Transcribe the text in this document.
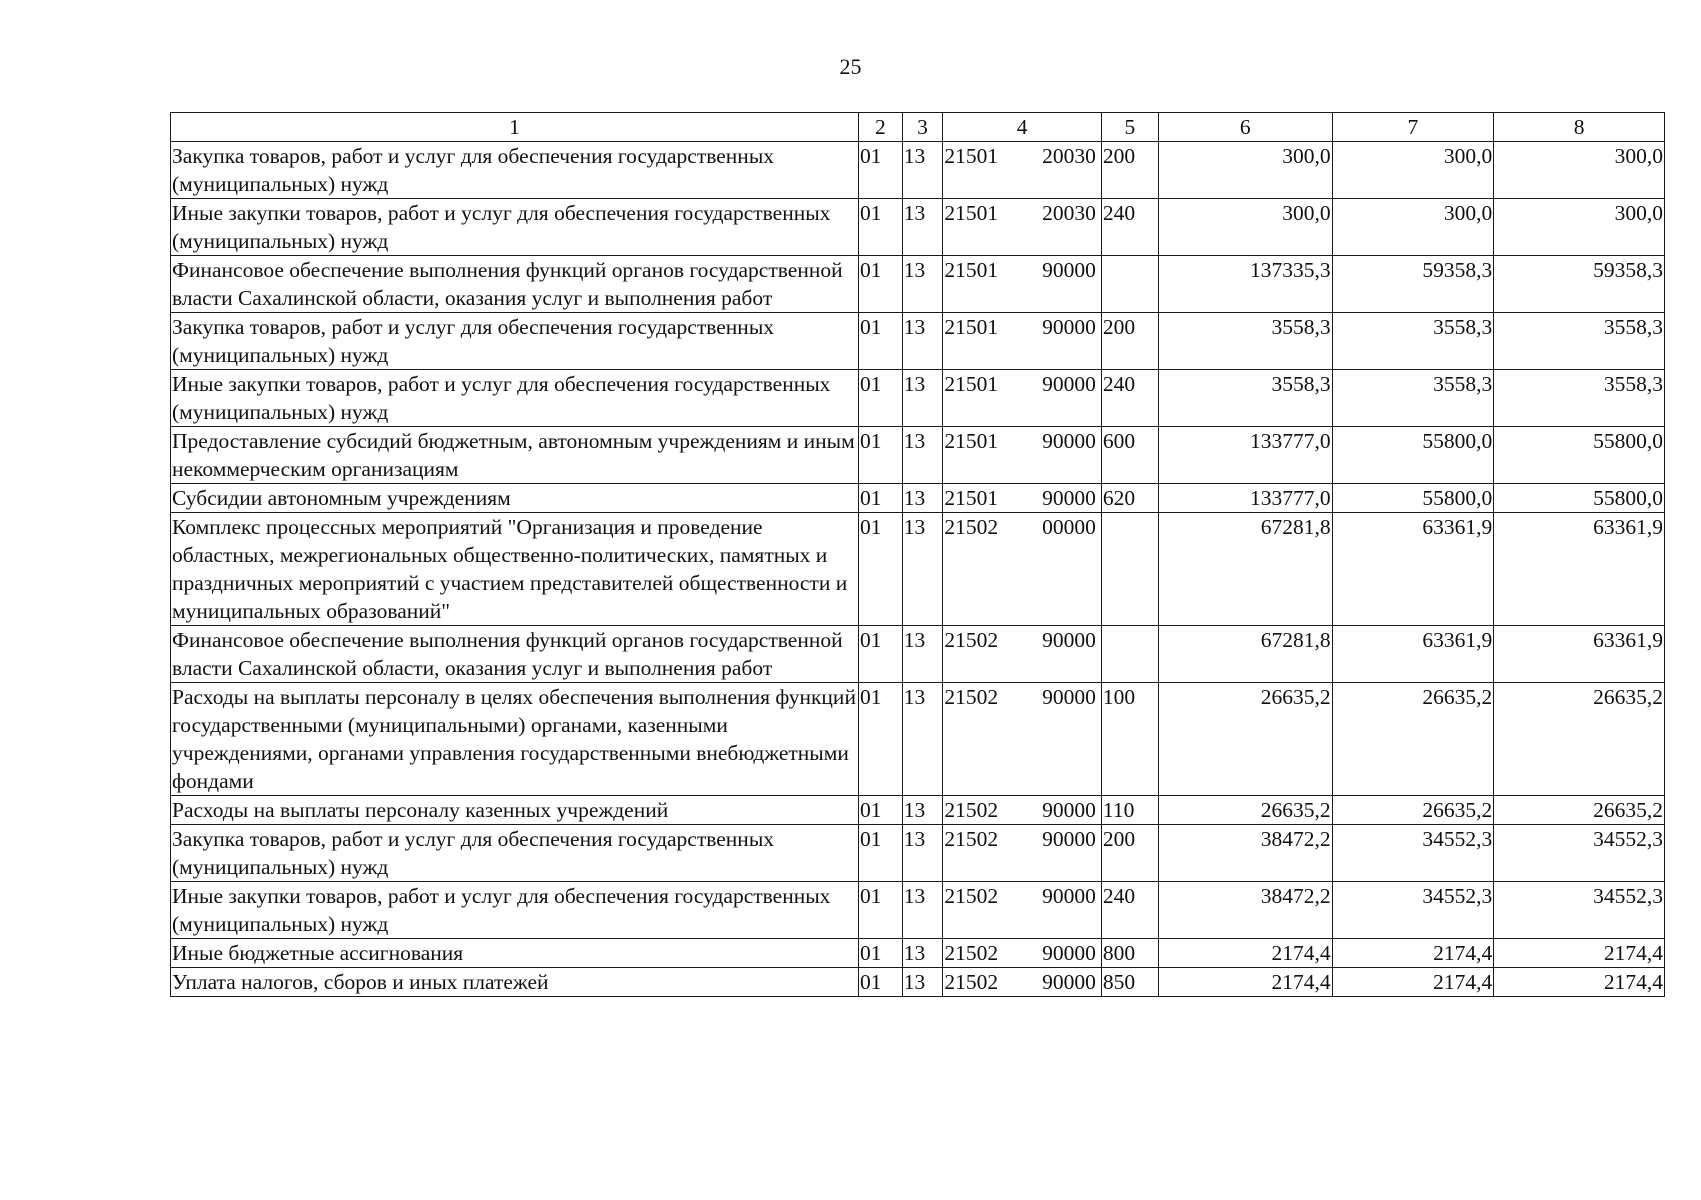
25
1	2	3	4	5	6	7	8
Закупка товаров, работ и услуг для обеспечения государственных (муниципальных) нужд	01	13	21501 20030	200	300,0	300,0	300,0
Иные закупки товаров, работ и услуг для обеспечения государственных (муниципальных) нужд	01	13	21501 20030	240	300,0	300,0	300,0
Финансовое обеспечение выполнения функций органов государственной власти Сахалинской области, оказания услуг и выполнения работ	01	13	21501 90000		137335,3	59358,3	59358,3
Закупка товаров, работ и услуг для обеспечения государственных (муниципальных) нужд	01	13	21501 90000	200	3558,3	3558,3	3558,3
Иные закупки товаров, работ и услуг для обеспечения государственных (муниципальных) нужд	01	13	21501 90000	240	3558,3	3558,3	3558,3
Предоставление субсидий бюджетным, автономным учреждениям и иным некоммерческим организациям	01	13	21501 90000	600	133777,0	55800,0	55800,0
Субсидии автономным учреждениям	01	13	21501 90000	620	133777,0	55800,0	55800,0
Комплекс процессных мероприятий "Организация и проведение областных, межрегиональных общественно-политических, памятных и праздничных мероприятий с участием представителей общественности и муниципальных образований"	01	13	21502 00000		67281,8	63361,9	63361,9
Финансовое обеспечение выполнения функций органов государственной власти Сахалинской области, оказания услуг и выполнения работ	01	13	21502 90000		67281,8	63361,9	63361,9
Расходы на выплаты персоналу в целях обеспечения выполнения функций государственными (муниципальными) органами, казенными учреждениями, органами управления государственными внебюджетными фондами	01	13	21502 90000	100	26635,2	26635,2	26635,2
Расходы на выплаты персоналу казенных учреждений	01	13	21502 90000	110	26635,2	26635,2	26635,2
Закупка товаров, работ и услуг для обеспечения государственных (муниципальных) нужд	01	13	21502 90000	200	38472,2	34552,3	34552,3
Иные закупки товаров, работ и услуг для обеспечения государственных (муниципальных) нужд	01	13	21502 90000	240	38472,2	34552,3	34552,3
Иные бюджетные ассигнования	01	13	21502 90000	800	2174,4	2174,4	2174,4
Уплата налогов, сборов и иных платежей	01	13	21502 90000	850	2174,4	2174,4	2174,4
